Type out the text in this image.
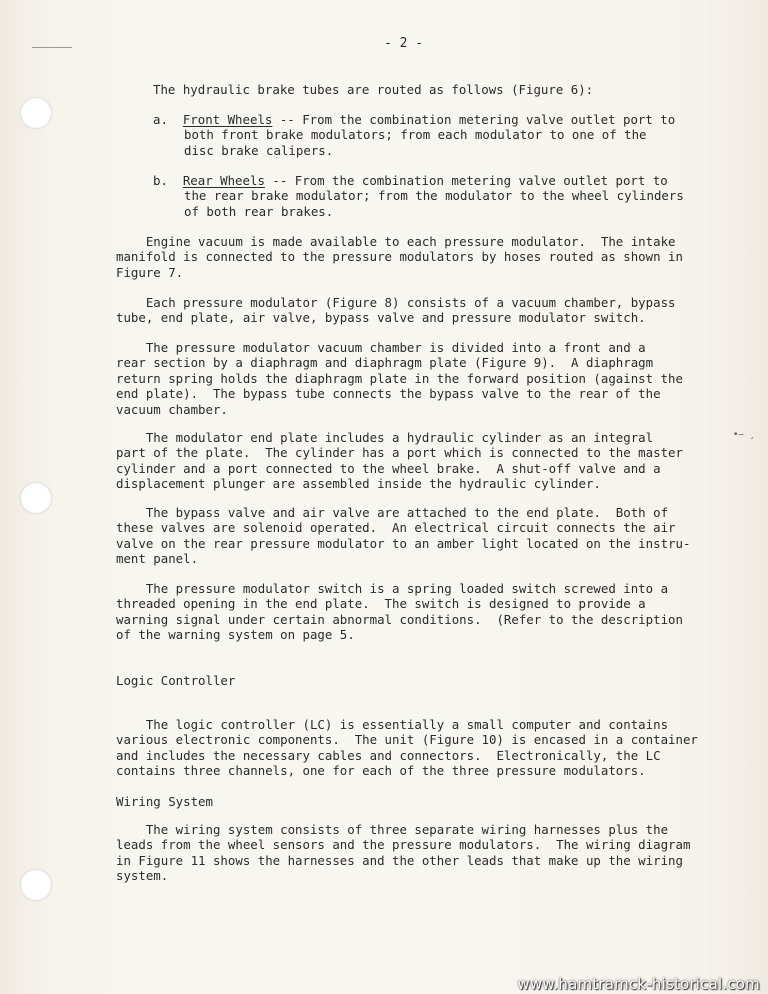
•— ¸
- 2 -
The hydraulic brake tubes are routed as follows (Figure 6):
a. Front Wheels -- From the combination metering valve outlet port to
both front brake modulators; from each modulator to one of the
disc brake calipers.
b. Rear Wheels -- From the combination metering valve outlet port to
the rear brake modulator; from the modulator to the wheel cylinders
of both rear brakes.
Engine vacuum is made available to each pressure modulator.  The intake
manifold is connected to the pressure modulators by hoses routed as shown in
Figure 7.
Each pressure modulator (Figure 8) consists of a vacuum chamber, bypass
tube, end plate, air valve, bypass valve and pressure modulator switch.
The pressure modulator vacuum chamber is divided into a front and a
rear section by a diaphragm and diaphragm plate (Figure 9).  A diaphragm
return spring holds the diaphragm plate in the forward position (against the
end plate).  The bypass tube connects the bypass valve to the rear of the
vacuum chamber.
The modulator end plate includes a hydraulic cylinder as an integral
part of the plate.  The cylinder has a port which is connected to the master
cylinder and a port connected to the wheel brake.  A shut-off valve and a
displacement plunger are assembled inside the hydraulic cylinder.
The bypass valve and air valve are attached to the end plate.  Both of
these valves are solenoid operated.  An electrical circuit connects the air
valve on the rear pressure modulator to an amber light located on the instru-
ment panel.
The pressure modulator switch is a spring loaded switch screwed into a
threaded opening in the end plate.  The switch is designed to provide a
warning signal under certain abnormal conditions.  (Refer to the description
of the warning system on page 5.
Logic Controller
The logic controller (LC) is essentially a small computer and contains
various electronic components.  The unit (Figure 10) is encased in a container
and includes the necessary cables and connectors.  Electronically, the LC
contains three channels, one for each of the three pressure modulators.
Wiring System
The wiring system consists of three separate wiring harnesses plus the
leads from the wheel sensors and the pressure modulators.  The wiring diagram
in Figure 11 shows the harnesses and the other leads that make up the wiring
system.
www.hamtramck-historical.com
